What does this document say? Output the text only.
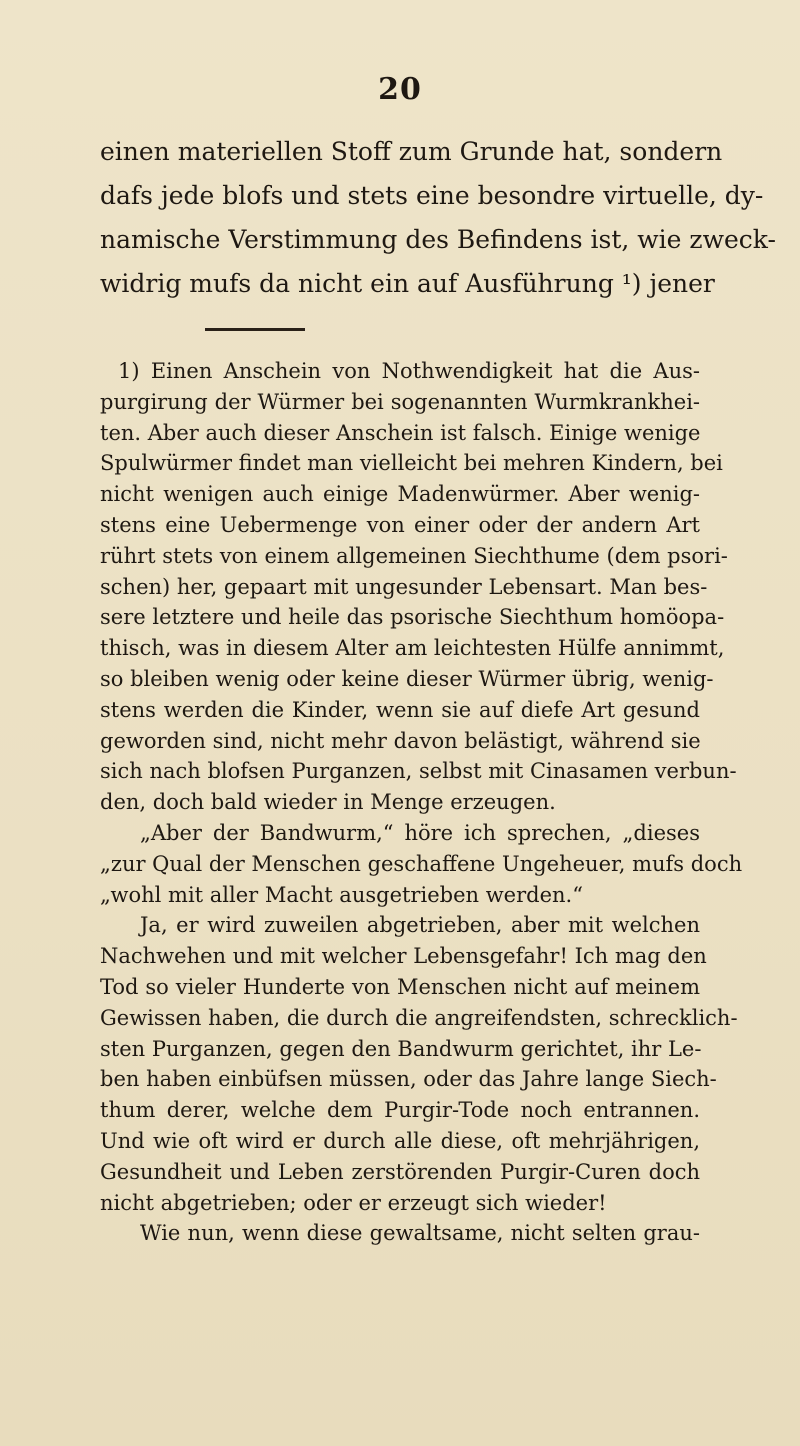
20
einen materiellen Stoff zum Grunde hat, sondern
dafs jede blofs und stets eine besondre virtuelle, dy-
namische Verstimmung des Befindens ist, wie zweck-
widrig mufs da nicht ein auf Ausführung ¹) jener
1) Einen Anschein von Nothwendigkeit hat die Aus-
purgirung der Würmer bei sogenannten Wurmkrankhei-
ten. Aber auch dieser Anschein ist falsch. Einige wenige
Spulwürmer findet man vielleicht bei mehren Kindern, bei
nicht wenigen auch einige Madenwürmer. Aber wenig-
stens eine Uebermenge von einer oder der andern Art
rührt stets von einem allgemeinen Siechthume (dem psori-
schen) her, gepaart mit ungesunder Lebensart. Man bes-
sere letztere und heile das psorische Siechthum homöopa-
thisch, was in diesem Alter am leichtesten Hülfe annimmt,
so bleiben wenig oder keine dieser Würmer übrig, wenig-
stens werden die Kinder, wenn sie auf diefe Art gesund
geworden sind, nicht mehr davon belästigt, während sie
sich nach blofsen Purganzen, selbst mit Cinasamen verbun-
den, doch bald wieder in Menge erzeugen.
„Aber der Bandwurm,“ höre ich sprechen, „dieses
„zur Qual der Menschen geschaffene Ungeheuer, mufs doch
„wohl mit aller Macht ausgetrieben werden.“
Ja, er wird zuweilen abgetrieben, aber mit welchen
Nachwehen und mit welcher Lebensgefahr! Ich mag den
Tod so vieler Hunderte von Menschen nicht auf meinem
Gewissen haben, die durch die angreifendsten, schrecklich-
sten Purganzen, gegen den Bandwurm gerichtet, ihr Le-
ben haben einbüfsen müssen, oder das Jahre lange Siech-
thum derer, welche dem Purgir-Tode noch entrannen.
Und wie oft wird er durch alle diese, oft mehrjährigen,
Gesundheit und Leben zerstörenden Purgir-Curen doch
nicht abgetrieben; oder er erzeugt sich wieder!
Wie nun, wenn diese gewaltsame, nicht selten grau-
